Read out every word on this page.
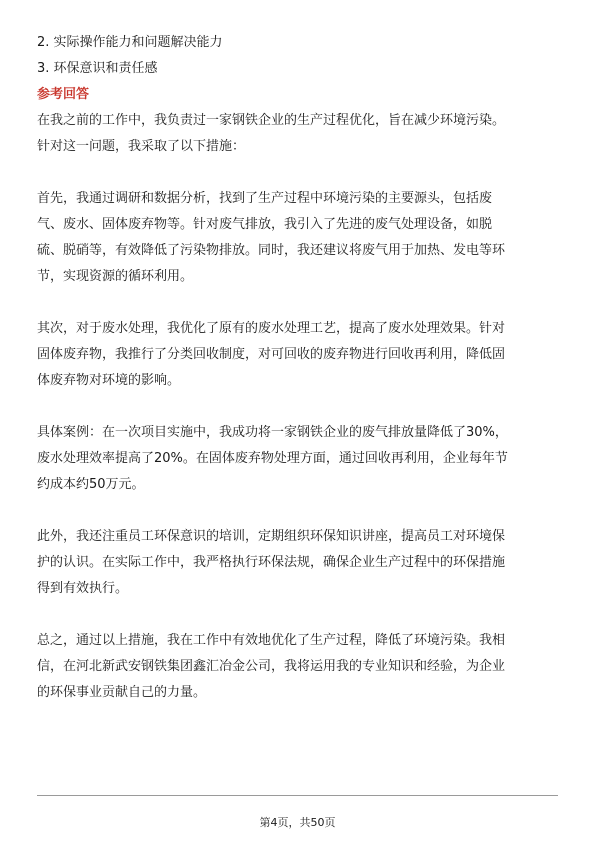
2. 实际操作能力和问题解决能力
3. 环保意识和责任感
参考回答
在我之前的工作中，我负责过一家钢铁企业的生产过程优化，旨在减少环境污染。
针对这一问题，我采取了以下措施：
首先，我通过调研和数据分析，找到了生产过程中环境污染的主要源头，包括废
气、废水、固体废弃物等。针对废气排放，我引入了先进的废气处理设备，如脱
硫、脱硝等，有效降低了污染物排放。同时，我还建议将废气用于加热、发电等环
节，实现资源的循环利用。
其次，对于废水处理，我优化了原有的废水处理工艺，提高了废水处理效果。针对
固体废弃物，我推行了分类回收制度，对可回收的废弃物进行回收再利用，降低固
体废弃物对环境的影响。
具体案例：在一次项目实施中，我成功将一家钢铁企业的废气排放量降低了30%，
废水处理效率提高了20%。在固体废弃物处理方面，通过回收再利用，企业每年节
约成本约50万元。
此外，我还注重员工环保意识的培训，定期组织环保知识讲座，提高员工对环境保
护的认识。在实际工作中，我严格执行环保法规，确保企业生产过程中的环保措施
得到有效执行。
总之，通过以上措施，我在工作中有效地优化了生产过程，降低了环境污染。我相
信，在河北新武安钢铁集团鑫汇冶金公司，我将运用我的专业知识和经验，为企业
的环保事业贡献自己的力量。
第4页，共50页
